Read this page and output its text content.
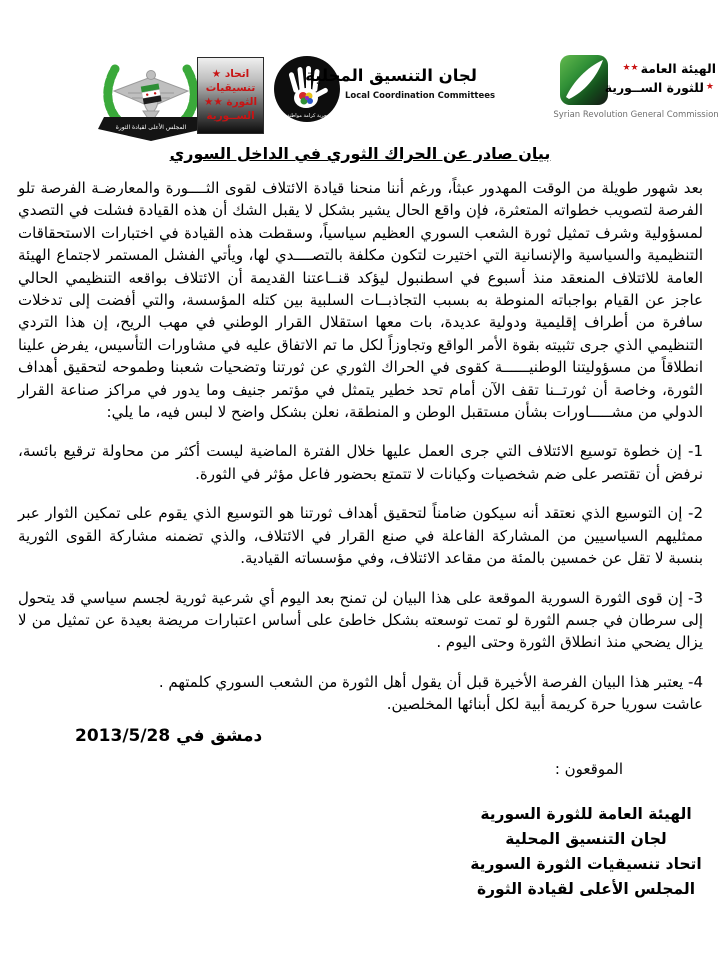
المجلس الأعلى لقيادة الثورة
اتحاد ★
تنسيقيات
الثورة ★★
الســورية	حرية كرامة مواطنة
لجان التنسيق المحلية
Local Coordination Committees
الهيئة العامة
★★
★
للثورة الســورية
Syrian Revolution General Commission
بيان صادر عن الحراك الثوري في الداخل السوري

بعد شهور طويلة من الوقت المهدور عبثاً، ورغم أننا منحنا قيادة الائتلاف لقوى الثــــورة والمعارضـة الفرصة تلو الفرصة لتصويب خطواته المتعثرة، فإن واقع الحال يشير بشكل لا يقبل الشك أن هذه القيادة فشلت في التصدي لمسؤولية وشرف تمثيل ثورة الشعب السوري العظيم سياسياً، وسقطت هذه القيادة في اختبارات الاستحقاقات التنظيمية والسياسية والإنسانية التي اختيرت لتكون مكلفة بالتصــــدي لها، ويأتي الفشل المستمر لاجتماع الهيئة العامة للائتلاف المنعقد منذ أسبوع في اسطنبول ليؤكد قنــاعتنا القديمة أن الائتلاف بواقعه التنظيمي الحالي عاجز عن القيام بواجباته المنوطة به بسبب التجاذبــات السلبية بين كتله المؤسسة، والتي أفضت إلى تدخلات سافرة من أطراف إقليمية ودولية عديدة، بات معها استقلال القرار الوطني في مهب الريح، إن هذا التردي التنظيمي الذي جرى تثبيته بقوة الأمر الواقع وتجاوزاً لكل ما تم الاتفاق عليه في مشاورات التأسيس، يفرض علينا انطلاقاً من مسؤوليتنا الوطنيــــــة كقوى في الحراك الثوري عن ثورتنا وتضحيات شعبنا وطموحه لتحقيق أهداف الثورة، وخاصة أن ثورتــنا تقف الآن أمام تحد خطير يتمثل في مؤتمر جنيف وما يدور في مراكز صناعة القرار الدولي من مشـــــاورات بشأن مستقبل الوطن و المنطقة، نعلن بشكل واضح لا لبس فيه، ما يلي:

1- إن خطوة توسيع الائتلاف التي جرى العمل عليها خلال الفترة الماضية ليست أكثر من محاولة ترقيع بائسة، نرفض أن تقتصر على ضم شخصيات وكيانات لا تتمتع بحضور فاعل مؤثر في الثورة.

2- إن التوسيع الذي نعتقد أنه سيكون ضامناً لتحقيق أهداف ثورتنا هو التوسيع الذي يقوم على تمكين الثوار عبر ممثليهم السياسيين من المشاركة الفاعلة في صنع القرار في الائتلاف، والذي تضمنه مشاركة القوى الثورية بنسبة لا تقل عن خمسين بالمئة من مقاعد الائتلاف، وفي مؤسساته القيادية.

3- إن قوى الثورة السورية الموقعة على هذا البيان لن تمنح بعد اليوم أي شرعية ثورية لجسم سياسي قد يتحول إلى سرطان في جسم الثورة لو تمت توسعته بشكل خاطئ على أساس اعتبارات مريضة بعيدة عن تمثيل من لا يزال يضحي منذ انطلاق الثورة وحتى اليوم .

4- يعتبر هذا البيان الفرصة الأخيرة قبل أن يقول أهل الثورة من الشعب السوري كلمتهم .

عاشت سوريا حرة كريمة أبية لكل أبنائها المخلصين.

دمشق في 2013/5/28

الموقعون :

الهيئة العامة للثورة السورية
لجان التنسيق المحلية
اتحاد تنسيقيات الثورة السورية
المجلس الأعلى لقيادة الثورة
